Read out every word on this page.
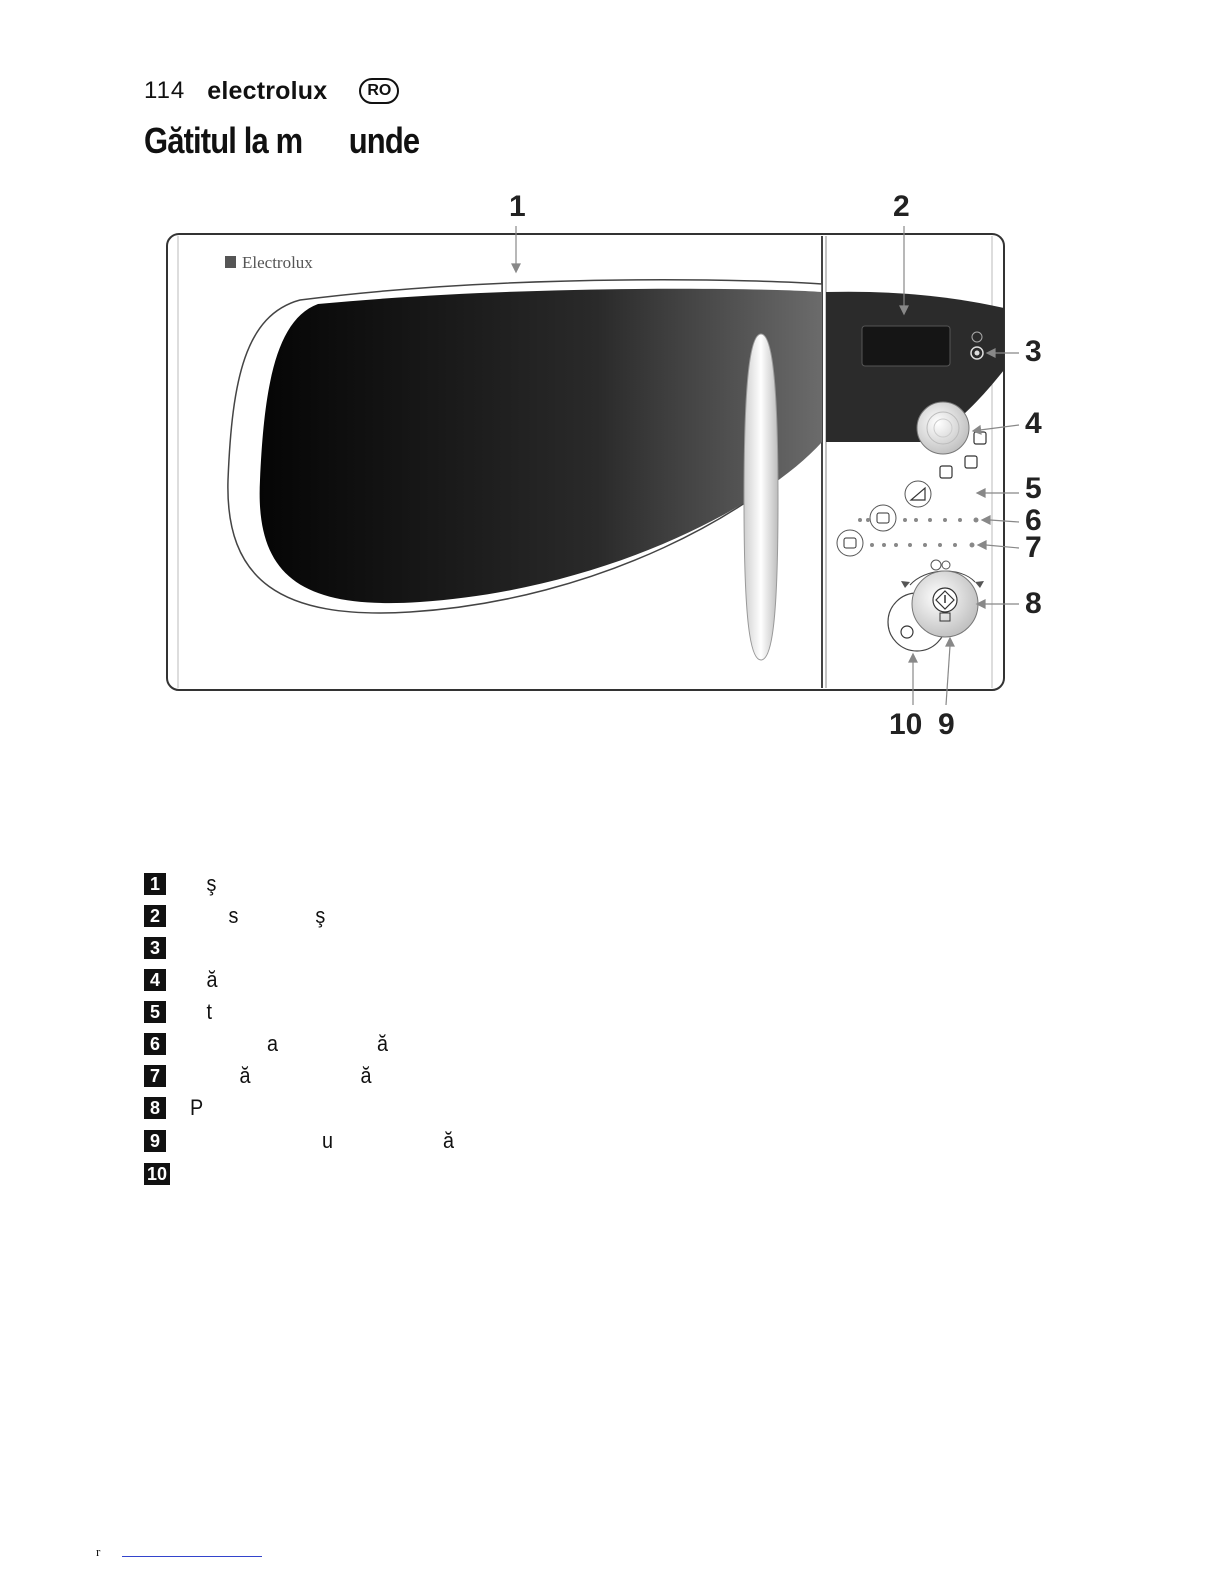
114 electrolux	RO
Gătitul la m      unde
1	2
3
4
5
6
7
8
10 9
Electrolux
1 ş
2 s              ş
3
4 ă
5 t
6 a                  ă
7 ă                    ă
8 P
9 u                    ă
10
r
